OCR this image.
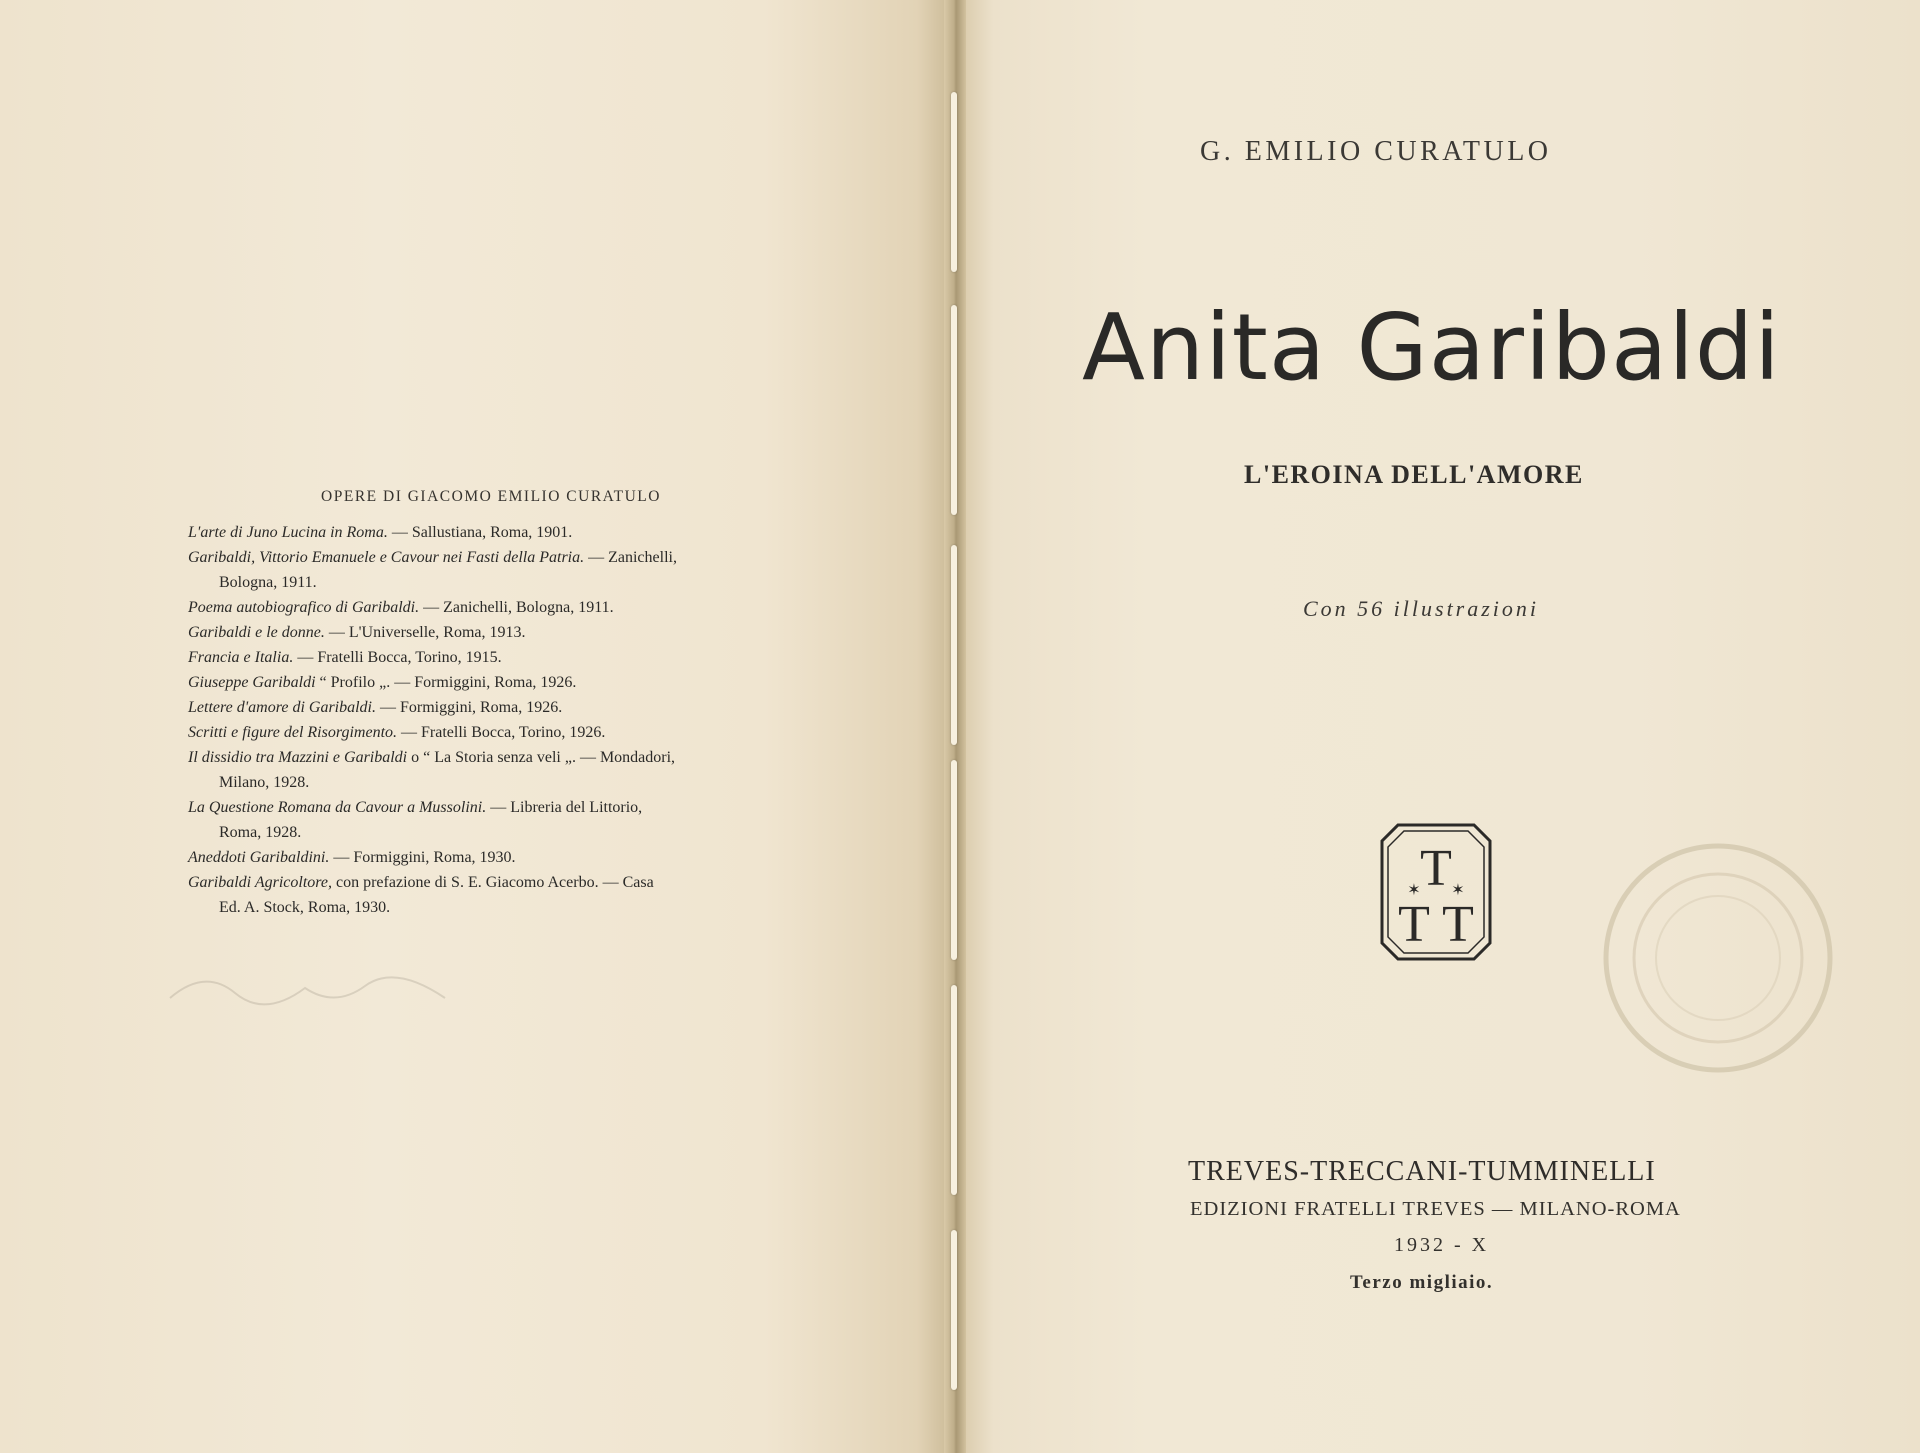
OPERE DI GIACOMO EMILIO CURATULO
L'arte di Juno Lucina in Roma. — Sallustiana, Roma, 1901.
Garibaldi, Vittorio Emanuele e Cavour nei Fasti della Patria. — Zanichelli,
Bologna, 1911.
Poema autobiografico di Garibaldi. — Zanichelli, Bologna, 1911.
Garibaldi e le donne. — L'Universelle, Roma, 1913.
Francia e Italia. — Fratelli Bocca, Torino, 1915.
Giuseppe Garibaldi “ Profilo „. — Formiggini, Roma, 1926.
Lettere d'amore di Garibaldi. — Formiggini, Roma, 1926.
Scritti e figure del Risorgimento. — Fratelli Bocca, Torino, 1926.
Il dissidio tra Mazzini e Garibaldi o “ La Storia senza veli „. — Mondadori,
Milano, 1928.
La Questione Romana da Cavour a Mussolini. — Libreria del Littorio,
Roma, 1928.
Aneddoti Garibaldini. — Formiggini, Roma, 1930.
Garibaldi Agricoltore, con prefazione di S. E. Giacomo Acerbo. — Casa
Ed. A. Stock, Roma, 1930.
G. EMILIO CURATULO
Anita Garibaldi
L'EROINA DELL'AMORE
Con 56 illustrazioni
T
T T
✶ ✶
TREVES-TRECCANI-TUMMINELLI
EDIZIONI FRATELLI TREVES — MILANO-ROMA
1932 - X
Terzo migliaio.
